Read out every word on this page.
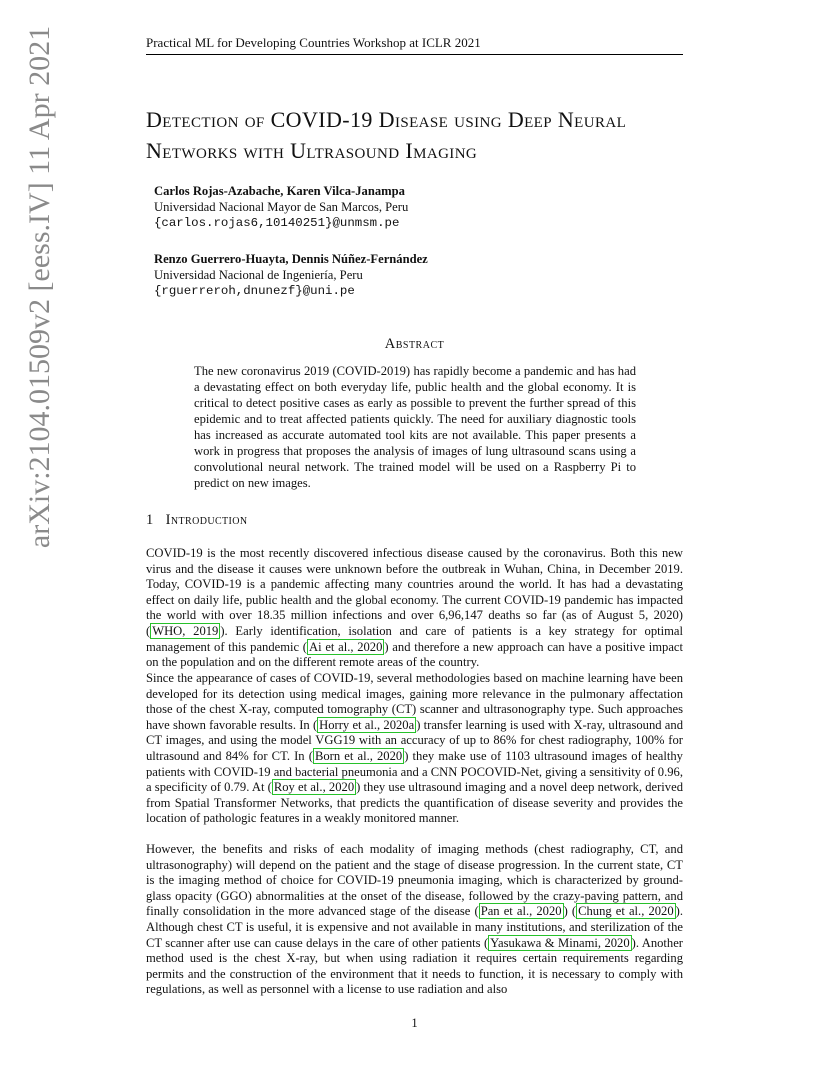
Practical ML for Developing Countries Workshop at ICLR 2021
arXiv:2104.01509v2 [eess.IV] 11 Apr 2021	Detection of COVID-19 Disease using Deep Neural Networks with Ultrasound Imaging
Carlos Rojas-Azabache, Karen Vilca-Janampa
Universidad Nacional Mayor de San Marcos, Peru
{carlos.rojas6,10140251}@unmsm.pe
Renzo Guerrero-Huayta, Dennis Núñez-Fernández
Universidad Nacional de Ingeniería, Peru
{rguerreroh,dnunezf}@uni.pe
Abstract
The new coronavirus 2019 (COVID-2019) has rapidly become a pandemic and has had a devastating effect on both everyday life, public health and the global economy. It is critical to detect positive cases as early as possible to prevent the further spread of this epidemic and to treat affected patients quickly. The need for auxiliary diagnostic tools has increased as accurate automated tool kits are not available. This paper presents a work in progress that proposes the analysis of images of lung ultrasound scans using a convolutional neural network. The trained model will be used on a Raspberry Pi to predict on new images.
1 Introduction
COVID-19 is the most recently discovered infectious disease caused by the coronavirus. Both this new virus and the disease it causes were unknown before the outbreak in Wuhan, China, in December 2019. Today, COVID-19 is a pandemic affecting many countries around the world. It has had a devastating effect on daily life, public health and the global economy. The current COVID-19 pandemic has impacted the world with over 18.35 million infections and over 6,96,147 deaths so far (as of August 5, 2020) ( WHO, 2019 ). Early identification, isolation and care of patients is a key strategy for optimal management of this pandemic ( Ai et al., 2020 ) and therefore a new approach can have a positive impact on the population and on the different remote areas of the country.
Since the appearance of cases of COVID-19, several methodologies based on machine learning have been developed for its detection using medical images, gaining more relevance in the pulmonary affectation those of the chest X-ray, computed tomography (CT) scanner and ultrasonography type. Such approaches have shown favorable results. In ( Horry et al., 2020a ) transfer learning is used with X-ray, ultrasound and CT images, and using the model VGG19 with an accuracy of up to 86% for chest radiography, 100% for ultrasound and 84% for CT. In ( Born et al., 2020 ) they make use of 1103 ultrasound images of healthy patients with COVID-19 and bacterial pneumonia and a CNN POCOVID-Net, giving a sensitivity of 0.96, a specificity of 0.79. At ( Roy et al., 2020 ) they use ultrasound imaging and a novel deep network, derived from Spatial Transformer Networks, that predicts the quantification of disease severity and provides the location of pathologic features in a weakly monitored manner.
However, the benefits and risks of each modality of imaging methods (chest radiography, CT, and ultrasonography) will depend on the patient and the stage of disease progression. In the current state, CT is the imaging method of choice for COVID-19 pneumonia imaging, which is characterized by ground-glass opacity (GGO) abnormalities at the onset of the disease, followed by the crazy-paving pattern, and finally consolidation in the more advanced stage of the disease ( Pan et al., 2020 ) ( Chung et al., 2020 ). Although chest CT is useful, it is expensive and not available in many institutions, and sterilization of the CT scanner after use can cause delays in the care of other patients ( Yasukawa & Minami, 2020 ). Another method used is the chest X-ray, but when using radiation it requires certain requirements regarding permits and the construction of the environment that it needs to function, it is necessary to comply with regulations, as well as personnel with a license to use radiation and also
1
